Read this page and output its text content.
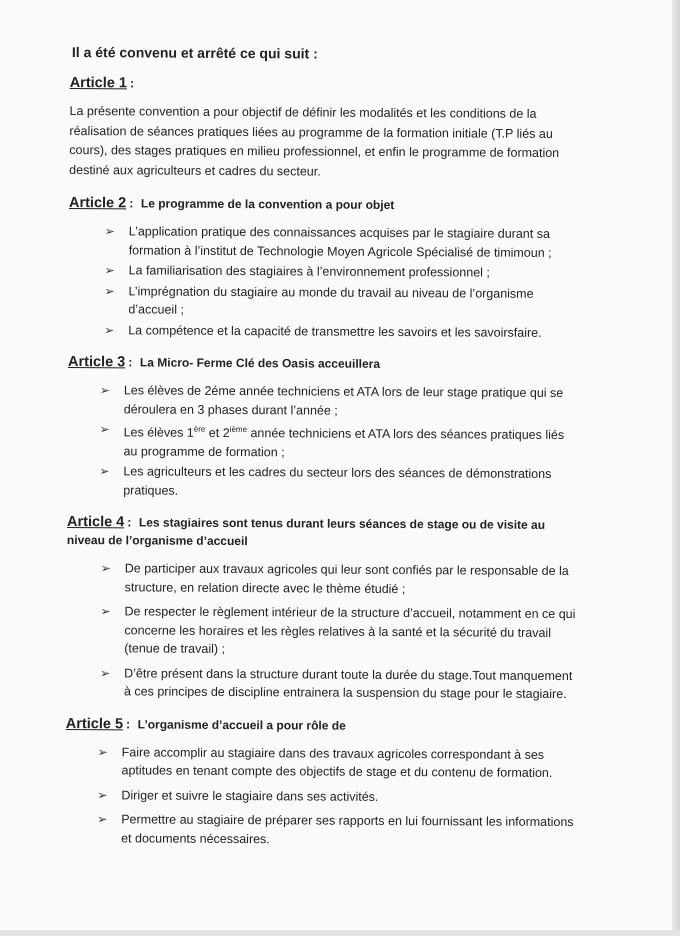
Il a été convenu et arrêté ce qui suit :
Article 1 :

La présente convention a pour objectif de définir les modalités et les conditions de la réalisation de séances pratiques liées au programme de la formation initiale (T.P liés au cours), des stages pratiques en milieu professionnel, et enfin le programme de formation destiné aux agriculteurs et cadres du secteur.

Article 2 : Le programme de la convention a pour objet
➢ L’application pratique des connaissances acquises par le stagiaire durant sa formation à l’institut de Technologie Moyen Agricole Spécialisé de timimoun ;
➢ La familiarisation des stagiaires à l’environnement professionnel ;
➢ L’imprégnation du stagiaire au monde du travail au niveau de l’organisme d’accueil ;
➢ La compétence et la capacité de transmettre les savoirs et les savoirsfaire.
Article 3 : La Micro- Ferme Clé des Oasis acceuillera
➢ Les élèves de 2éme année techniciens et ATA lors de leur stage pratique qui se déroulera en 3 phases durant l’année ;
➢ Les élèves 1ère et 2ième année techniciens et ATA lors des séances pratiques liés au programme de formation ;
➢ Les agriculteurs et les cadres du secteur lors des séances de démonstrations pratiques.
Article 4 : Les stagiaires sont tenus durant leurs séances de stage ou de visite au niveau de l’organisme d’accueil
➢ De participer aux travaux agricoles qui leur sont confiés par le responsable de la structure, en relation directe avec le thème étudié ;
➢ De respecter le règlement intérieur de la structure d’accueil, notamment en ce qui concerne les horaires et les règles relatives à la santé et la sécurité du travail (tenue de travail) ;
➢ D’être présent dans la structure durant toute la durée du stage.Tout manquement à ces principes de discipline entrainera la suspension du stage pour le stagiaire.
Article 5 : L’organisme d’accueil a pour rôle de
➢ Faire accomplir au stagiaire dans des travaux agricoles correspondant à ses aptitudes en tenant compte des objectifs de stage et du contenu de formation.
➢ Diriger et suivre le stagiaire dans ses activités.
➢ Permettre au stagiaire de préparer ses rapports en lui fournissant les informations et documents nécessaires.
